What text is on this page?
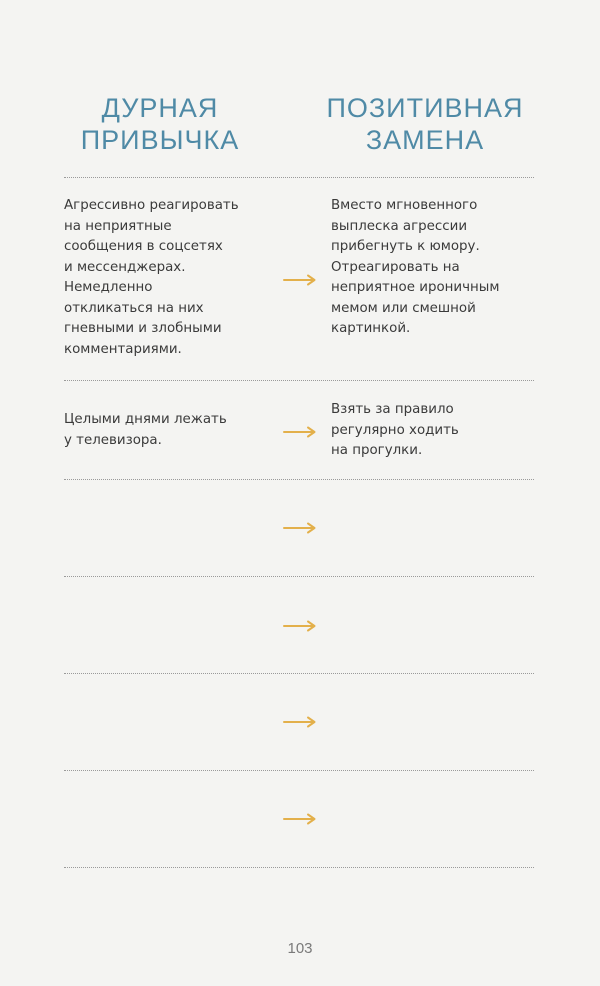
ДУРНАЯ
ПРИВЫЧКА
ПОЗИТИВНАЯ
ЗАМЕНА
Агрессивно реагировать
на неприятные
сообщения в соцсетях
и мессенджерах.
Немедленно
откликаться на них
гневными и злобными
комментариями.
Вместо мгновенного
выплеска агрессии
прибегнуть к юмору.
Отреагировать на
неприятное ироничным
мемом или смешной
картинкой.
Целыми днями лежать
у телевизора.
Взять за правило
регулярно ходить
на прогулки.
103
